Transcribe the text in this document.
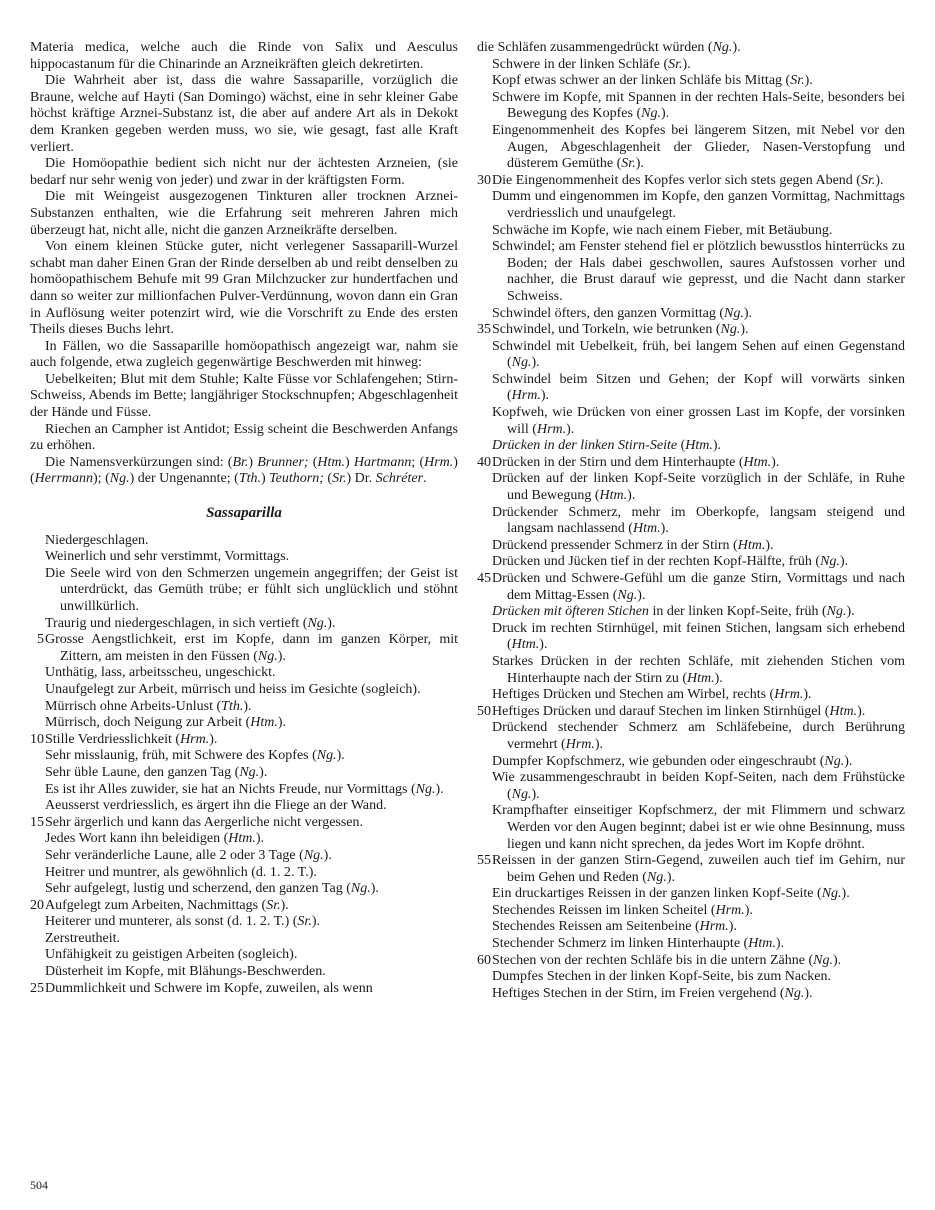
Materia medica, welche auch die Rinde von Salix und Aesculus hippocastanum für die Chinarinde an Arzneikräften gleich dekretirten.

Die Wahrheit aber ist, dass die wahre Sassaparille, vorzüglich die Braune, welche auf Hayti (San Domingo) wächst, eine in sehr kleiner Gabe höchst kräftige Arznei-Substanz ist, die aber auf andere Art als in Dekokt dem Kranken gegeben werden muss, wo sie, wie gesagt, fast alle Kraft verliert.

Die Homöopathie bedient sich nicht nur der ächtesten Arzneien, (sie bedarf nur sehr wenig von jeder) und zwar in der kräftigsten Form.

Die mit Weingeist ausgezogenen Tinkturen aller trocknen Arznei-Substanzen enthalten, wie die Erfahrung seit mehreren Jahren mich überzeugt hat, nicht alle, nicht die ganzen Arzneikräfte derselben.

Von einem kleinen Stücke guter, nicht verlegener Sassaparill-Wurzel schabt man daher Einen Gran der Rinde derselben ab und reibt denselben zu homöopathischem Behufe mit 99 Gran Milchzucker zur hundertfachen und dann so weiter zur millionfachen Pulver-Verdünnung, wovon dann ein Gran in Auflösung weiter potenzirt wird, wie die Vorschrift zu Ende des ersten Theils dieses Buchs lehrt.

In Fällen, wo die Sassaparille homöopathisch angezeigt war, nahm sie auch folgende, etwa zugleich gegenwärtige Beschwerden mit hinweg:

Uebelkeiten; Blut mit dem Stuhle; Kalte Füsse vor Schlafengehen; Stirn-Schweiss, Abends im Bette; langjähriger Stockschnupfen; Abgeschlagenheit der Hände und Füsse.

Riechen an Campher ist Antidot; Essig scheint die Beschwerden Anfangs zu erhöhen.

Die Namensverkürzungen sind: (Br.) Brunner; (Htm.) Hartmann; (Hrm.) (Herrmann); (Ng.) der Ungenannte; (Tth.) Teuthorn; (Sr.) Dr. Schréter.

Sassaparilla
Niedergeschlagen.
Weinerlich und sehr verstimmt, Vormittags.
Die Seele wird von den Schmerzen ungemein angegriffen; der Geist ist unterdrückt, das Gemüth trübe; er fühlt sich unglücklich und stöhnt unwillkürlich.
Traurig und niedergeschlagen, in sich vertieft (Ng.).
5 Grosse Aengstlichkeit, erst im Kopfe, dann im ganzen Körper, mit Zittern, am meisten in den Füssen (Ng.).
Unthätig, lass, arbeitsscheu, ungeschickt.
Unaufgelegt zur Arbeit, mürrisch und heiss im Gesichte (sogleich).
Mürrisch ohne Arbeits-Unlust (Tth.).
Mürrisch, doch Neigung zur Arbeit (Htm.).
10 Stille Verdriesslichkeit (Hrm.).
Sehr misslaunig, früh, mit Schwere des Kopfes (Ng.).
Sehr üble Laune, den ganzen Tag (Ng.).
Es ist ihr Alles zuwider, sie hat an Nichts Freude, nur Vormittags (Ng.).
Aeusserst verdriesslich, es ärgert ihn die Fliege an der Wand.
15 Sehr ärgerlich und kann das Aergerliche nicht vergessen.
Jedes Wort kann ihn beleidigen (Htm.).
Sehr veränderliche Laune, alle 2 oder 3 Tage (Ng.).
Heitrer und muntrer, als gewöhnlich (d. 1. 2. T.).
Sehr aufgelegt, lustig und scherzend, den ganzen Tag (Ng.).
20 Aufgelegt zum Arbeiten, Nachmittags (Sr.).
Heiterer und munterer, als sonst (d. 1. 2. T.) (Sr.).
Zerstreutheit.
Unfähigkeit zu geistigen Arbeiten (sogleich).
Düsterheit im Kopfe, mit Blähungs-Beschwerden.
25 Dummlichkeit und Schwere im Kopfe, zuweilen, als wenn
die Schläfen zusammengedrückt würden (Ng.).
Schwere in der linken Schläfe (Sr.).
Kopf etwas schwer an der linken Schläfe bis Mittag (Sr.).
Schwere im Kopfe, mit Spannen in der rechten Hals-Seite, besonders bei Bewegung des Kopfes (Ng.).
Eingenommenheit des Kopfes bei längerem Sitzen, mit Nebel vor den Augen, Abgeschlagenheit der Glieder, Nasen-Verstopfung und düsterem Gemüthe (Sr.).
30 Die Eingenommenheit des Kopfes verlor sich stets gegen Abend (Sr.).
Dumm und eingenommen im Kopfe, den ganzen Vormittag, Nachmittags verdriesslich und unaufgelegt.
Schwäche im Kopfe, wie nach einem Fieber, mit Betäubung.
Schwindel; am Fenster stehend fiel er plötzlich bewusstlos hinterrücks zu Boden; der Hals dabei geschwollen, saures Aufstossen vorher und nachher, die Brust darauf wie gepresst, und die Nacht dann starker Schweiss.
Schwindel öfters, den ganzen Vormittag (Ng.).
35 Schwindel, und Torkeln, wie betrunken (Ng.).
Schwindel mit Uebelkeit, früh, bei langem Sehen auf einen Gegenstand (Ng.).
Schwindel beim Sitzen und Gehen; der Kopf will vorwärts sinken (Hrm.).
Kopfweh, wie Drücken von einer grossen Last im Kopfe, der vorsinken will (Hrm.).
Drücken in der linken Stirn-Seite (Htm.).
40 Drücken in der Stirn und dem Hinterhaupte (Htm.).
Drücken auf der linken Kopf-Seite vorzüglich in der Schläfe, in Ruhe und Bewegung (Htm.).
Drückender Schmerz, mehr im Oberkopfe, langsam steigend und langsam nachlassend (Htm.).
Drückend pressender Schmerz in der Stirn (Htm.).
Drücken und Jücken tief in der rechten Kopf-Hälfte, früh (Ng.).
45 Drücken und Schwere-Gefühl um die ganze Stirn, Vormittags und nach dem Mittag-Essen (Ng.).
Drücken mit öfteren Stichen in der linken Kopf-Seite, früh (Ng.).
Druck im rechten Stirnhügel, mit feinen Stichen, langsam sich erhebend (Htm.).
Starkes Drücken in der rechten Schläfe, mit ziehenden Stichen vom Hinterhaupte nach der Stirn zu (Htm.).
Heftiges Drücken und Stechen am Wirbel, rechts (Hrm.).
50 Heftiges Drücken und darauf Stechen im linken Stirnhügel (Htm.).
Drückend stechender Schmerz am Schläfebeine, durch Berührung vermehrt (Hrm.).
Dumpfer Kopfschmerz, wie gebunden oder eingeschraubt (Ng.).
Wie zusammengeschraubt in beiden Kopf-Seiten, nach dem Frühstücke (Ng.).
Krampfhafter einseitiger Kopfschmerz, der mit Flimmern und schwarz Werden vor den Augen beginnt; dabei ist er wie ohne Besinnung, muss liegen und kann nicht sprechen, da jedes Wort im Kopfe dröhnt.
55 Reissen in der ganzen Stirn-Gegend, zuweilen auch tief im Gehirn, nur beim Gehen und Reden (Ng.).
Ein druckartiges Reissen in der ganzen linken Kopf-Seite (Ng.).
Stechendes Reissen im linken Scheitel (Hrm.).
Stechendes Reissen am Seitenbeine (Hrm.).
Stechender Schmerz im linken Hinterhaupte (Htm.).
60 Stechen von der rechten Schläfe bis in die untern Zähne (Ng.).
Dumpfes Stechen in der linken Kopf-Seite, bis zum Nacken.
Heftiges Stechen in der Stirn, im Freien vergehend (Ng.).
504
